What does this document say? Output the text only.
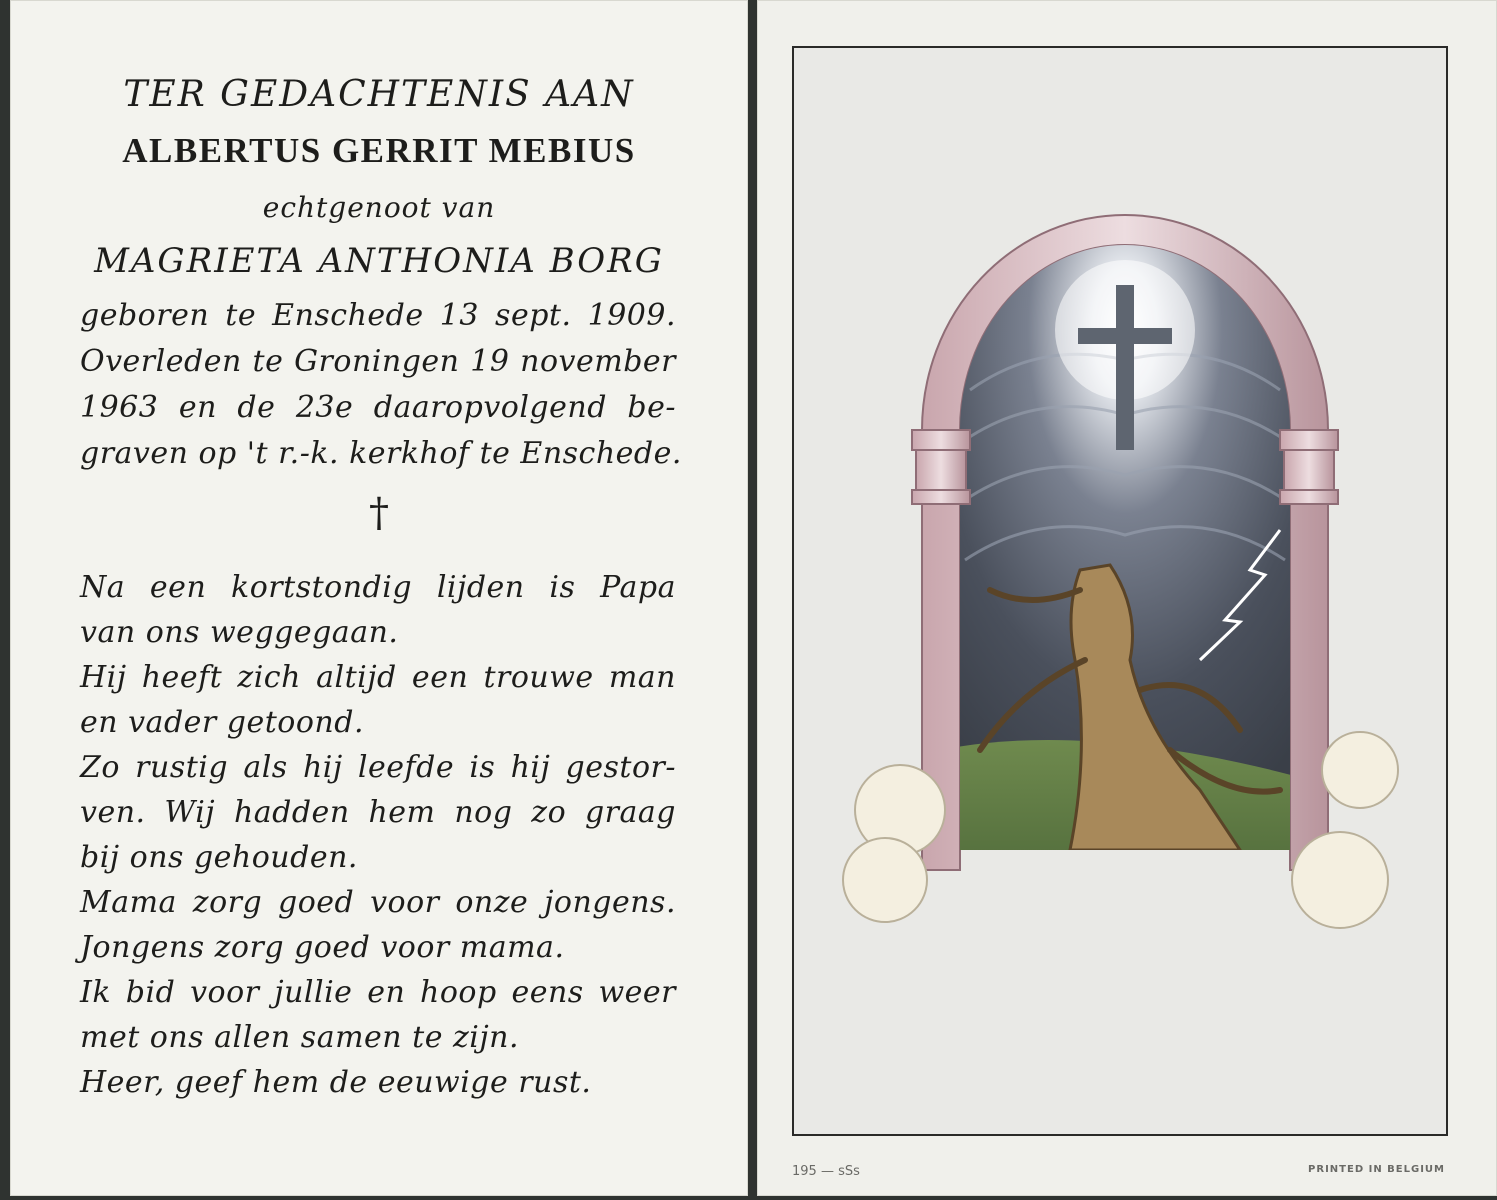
TER GEDACHTENIS AAN
ALBERTUS GERRIT MEBIUS
echtgenoot van
MAGRIETA ANTHONIA BORG
geboren te Enschede 13 sept. 1909.
Overleden te Groningen 19 november
1963 en de 23e daaropvolgend be-
graven op 't r.-k. kerkhof te Enschede.
†
Na een kortstondig lijden is Papa
van ons weggegaan.
Hij heeft zich altijd een trouwe man
en vader getoond.
Zo rustig als hij leefde is hij gestor-
ven. Wij hadden hem nog zo graag
bij ons gehouden.
Mama zorg goed voor onze jongens.
Jongens zorg goed voor mama.
Ik bid voor jullie en hoop eens weer
met ons allen samen te zijn.
Heer, geef hem de eeuwige rust.
195 — sSs	PRINTED IN BELGIUM
